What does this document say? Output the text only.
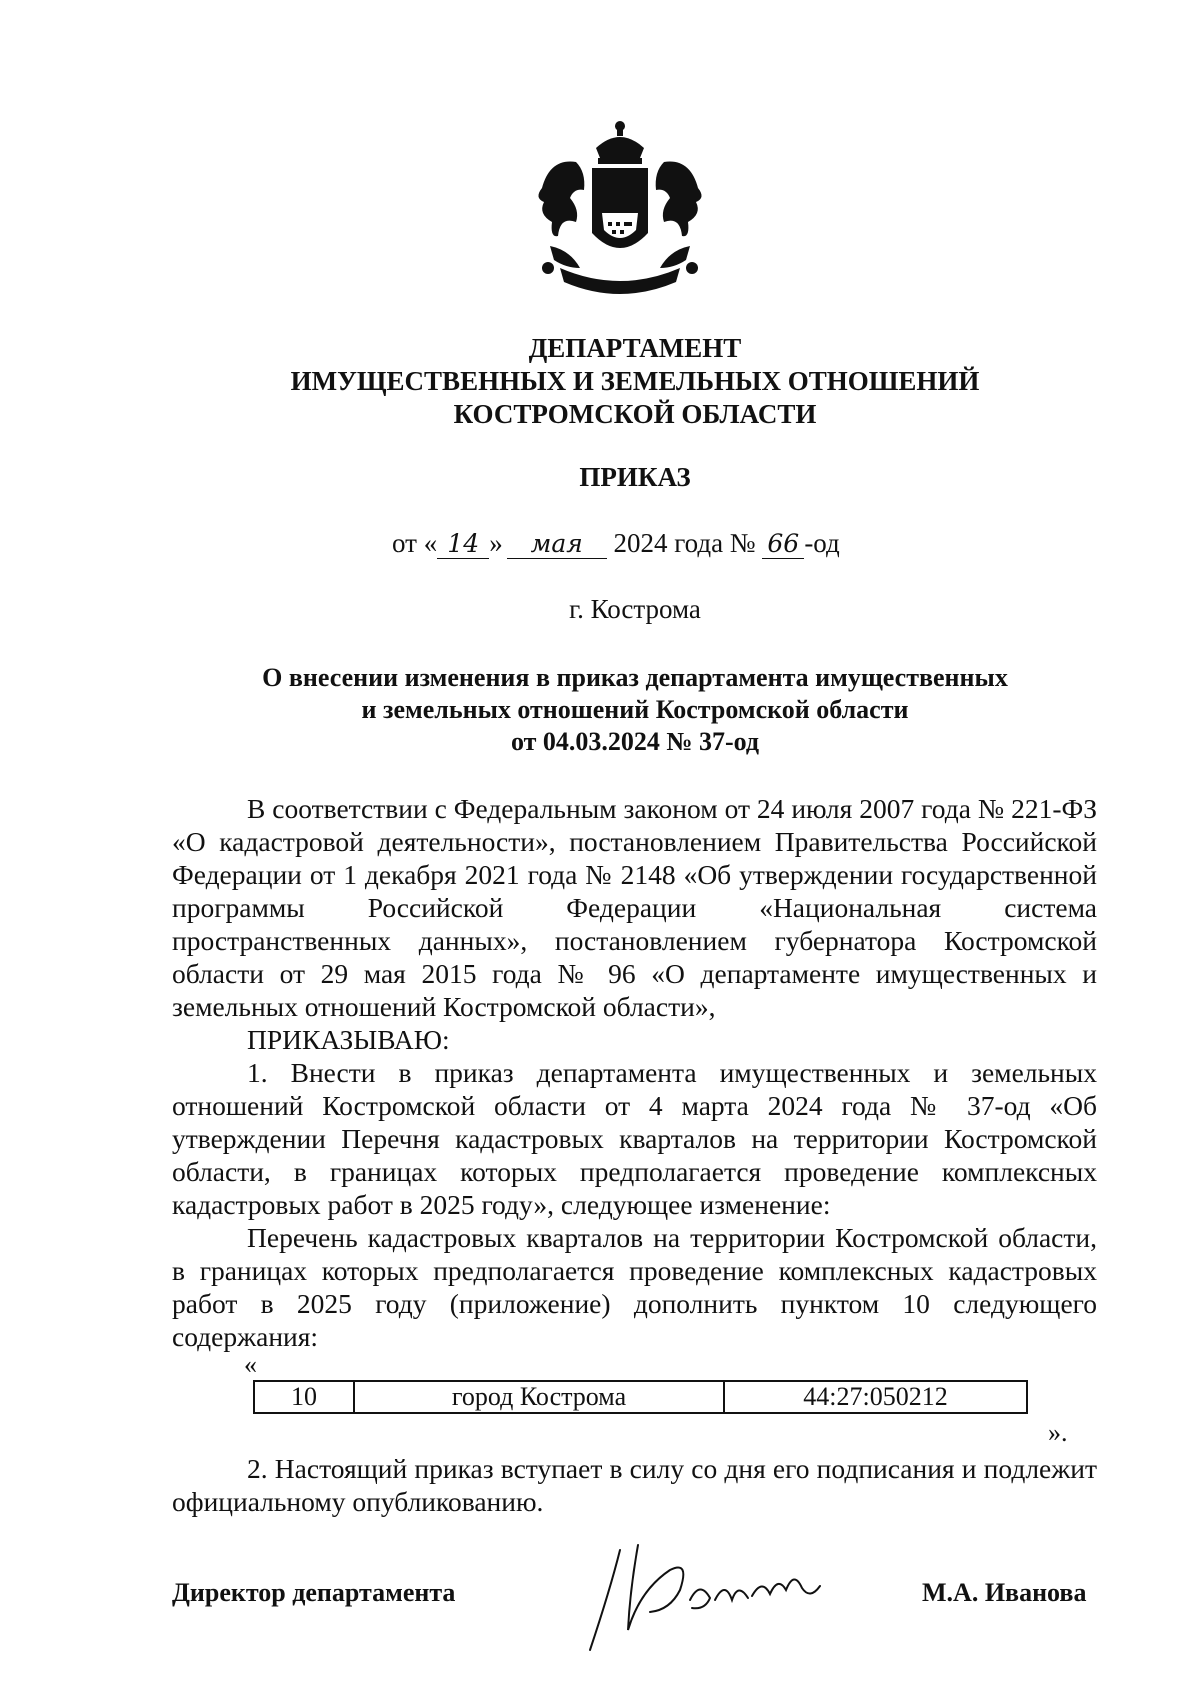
ДЕПАРТАМЕНТ
ИМУЩЕСТВЕННЫХ И ЗЕМЕЛЬНЫХ ОТНОШЕНИЙ
КОСТРОМСКОЙ ОБЛАСТИ
ПРИКАЗ
от « 14 » мая 2024 года № 66 -од
г. Кострома
О внесении изменения в приказ департамента имущественных
и земельных отношений Костромской области
от 04.03.2024 № 37-од

В соответствии с Федеральным законом от 24 июля 2007 года № 221-ФЗ «О кадастровой деятельности», постановлением Правительства Российской Федерации от 1 декабря 2021 года № 2148 «Об утверждении государственной программы Российской Федерации «Национальная система пространственных данных», постановлением губернатора Костромской области от 29 мая 2015 года № 96 «О департаменте имущественных и земельных отношений Костромской области»,

ПРИКАЗЫВАЮ:

1. Внести в приказ департамента имущественных и земельных отношений Костромской области от 4 марта 2024 года № 37-од «Об утверждении Перечня кадастровых кварталов на территории Костромской области, в границах которых предполагается проведение комплексных кадастровых работ в 2025 году», следующее изменение:

Перечень кадастровых кварталов на территории Костромской области, в границах которых предполагается проведение комплексных кадастровых работ в 2025 году (приложение) дополнить пунктом 10 следующего содержания:

«
10	город Кострома	44:27:050212
».

2. Настоящий приказ вступает в силу со дня его подписания и подлежит официальному опубликованию.

Директор департамента	М.А. Иванова
